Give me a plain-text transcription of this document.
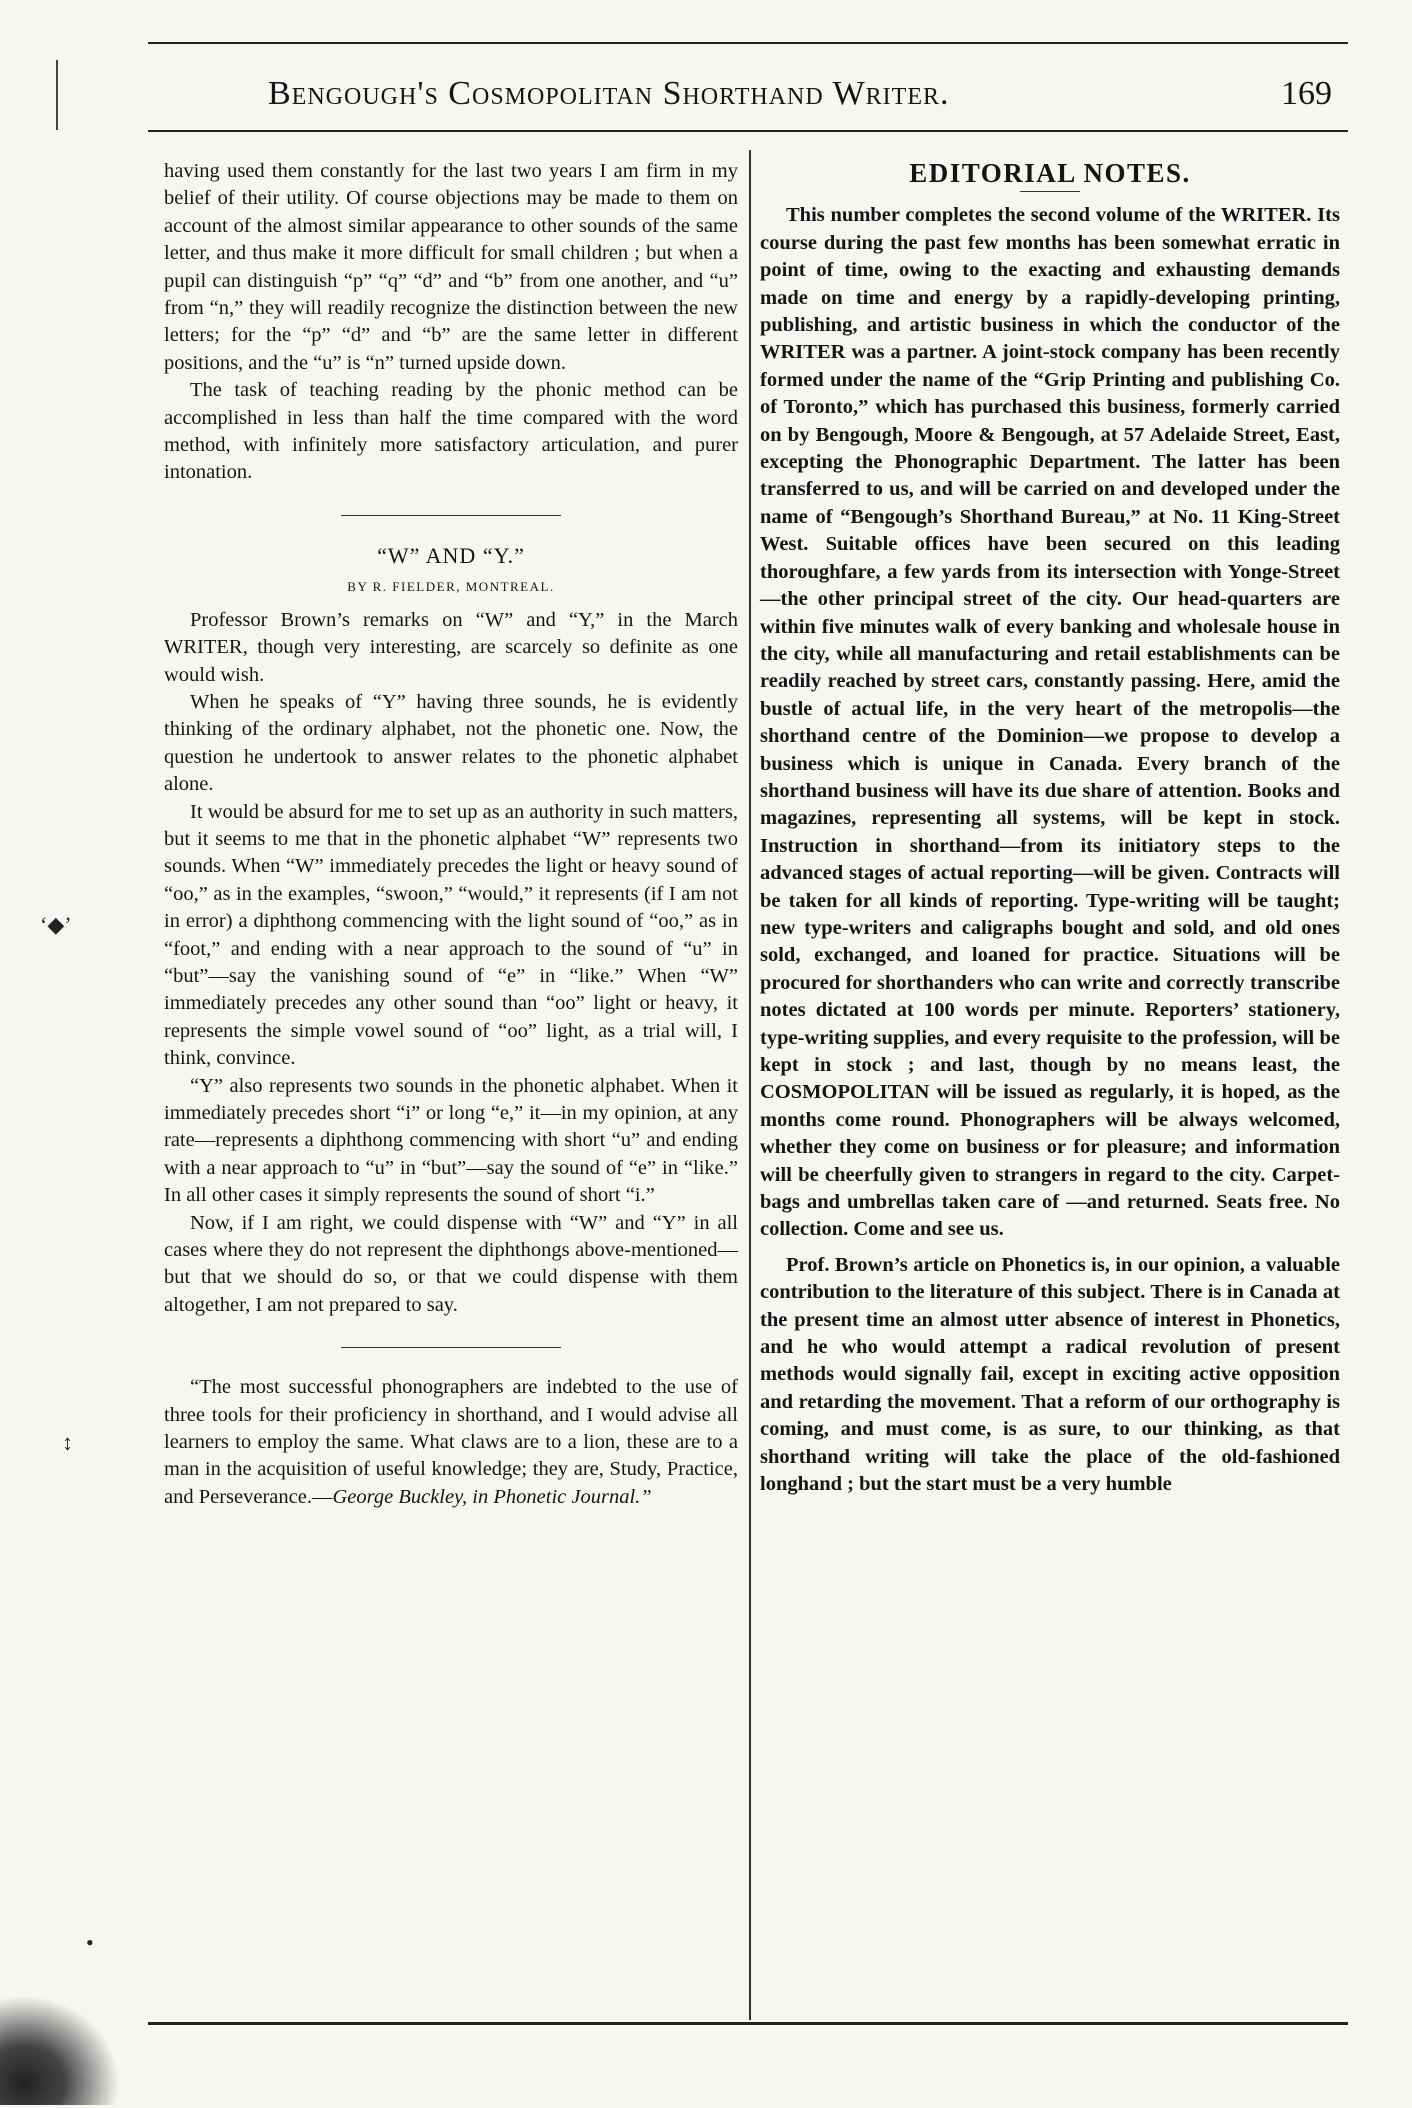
‘◆’
↕
•
Bengough's Cosmopolitan Shorthand Writer.	169

having used them constantly for the last two years I am firm in my belief of their utility. Of course objections may be made to them on account of the almost similar appearance to other sounds of the same letter, and thus make it more difficult for small children ; but when a pupil can distinguish “p” “q” “d” and “b” from one another, and “u” from “n,” they will readily recognize the distinction between the new letters; for the “p” “d” and “b” are the same letter in different positions, and the “u” is “n” turned upside down.

The task of teaching reading by the phonic method can be accomplished in less than half the time compared with the word method, with infinitely more satisfactory articulation, and purer intonation.

“W” AND “Y.”
BY R. FIELDER, MONTREAL.

Professor Brown’s remarks on “W” and “Y,” in the March WRITER, though very interesting, are scarcely so definite as one would wish.

When he speaks of “Y” having three sounds, he is evidently thinking of the ordinary alphabet, not the phonetic one. Now, the question he undertook to answer relates to the phonetic alphabet alone.

It would be absurd for me to set up as an authority in such matters, but it seems to me that in the phonetic alphabet “W” represents two sounds. When “W” immediately precedes the light or heavy sound of “oo,” as in the examples, “swoon,” “would,” it represents (if I am not in error) a diphthong commencing with the light sound of “oo,” as in “foot,” and ending with a near approach to the sound of “u” in “but”—say the vanishing sound of “e” in “like.” When “W” immediately precedes any other sound than “oo” light or heavy, it represents the simple vowel sound of “oo” light, as a trial will, I think, convince.

“Y” also represents two sounds in the phonetic alphabet. When it immediately precedes short “i” or long “e,” it—in my opinion, at any rate—represents a diphthong commencing with short “u” and ending with a near approach to “u” in “but”—say the sound of “e” in “like.” In all other cases it simply represents the sound of short “i.”

Now, if I am right, we could dispense with “W” and “Y” in all cases where they do not represent the diphthongs above-mentioned—but that we should do so, or that we could dispense with them altogether, I am not prepared to say.

“The most successful phonographers are indebted to the use of three tools for their proficiency in shorthand, and I would advise all learners to employ the same. What claws are to a lion, these are to a man in the acquisition of useful knowledge; they are, Study, Practice, and Perseverance.—George Buckley, in Phonetic Journal.”

EDITORIAL NOTES.

This number completes the second volume of the WRITER. Its course during the past few months has been somewhat erratic in point of time, owing to the exacting and exhausting demands made on time and energy by a rapidly-developing printing, publishing, and artistic business in which the conductor of the WRITER was a partner. A joint-stock company has been recently formed under the name of the “Grip Printing and publishing Co. of Toronto,” which has purchased this business, formerly carried on by Bengough, Moore & Bengough, at 57 Adelaide Street, East, excepting the Phonographic Department. The latter has been transferred to us, and will be carried on and developed under the name of “Bengough’s Shorthand Bureau,” at No. 11 King-Street West. Suitable offices have been secured on this leading thoroughfare, a few yards from its intersection with Yonge-Street—the other principal street of the city. Our head-quarters are within five minutes walk of every banking and wholesale house in the city, while all manufacturing and retail establishments can be readily reached by street cars, constantly passing. Here, amid the bustle of actual life, in the very heart of the metropolis—the shorthand centre of the Dominion—we propose to develop a business which is unique in Canada. Every branch of the shorthand business will have its due share of attention. Books and magazines, representing all systems, will be kept in stock. Instruction in shorthand—from its initiatory steps to the advanced stages of actual reporting—will be given. Contracts will be taken for all kinds of reporting. Type-writing will be taught; new type-writers and caligraphs bought and sold, and old ones sold, exchanged, and loaned for practice. Situations will be procured for shorthanders who can write and correctly transcribe notes dictated at 100 words per minute. Reporters’ stationery, type-writing supplies, and every requisite to the profession, will be kept in stock ; and last, though by no means least, the COSMOPOLITAN will be issued as regularly, it is hoped, as the months come round. Phonographers will be always welcomed, whether they come on business or for pleasure; and information will be cheerfully given to strangers in regard to the city. Carpet-bags and umbrellas taken care of —and returned. Seats free. No collection. Come and see us.

Prof. Brown’s article on Phonetics is, in our opinion, a valuable contribution to the literature of this subject. There is in Canada at the present time an almost utter absence of interest in Phonetics, and he who would attempt a radical revolution of present methods would signally fail, except in exciting active opposition and retarding the movement. That a reform of our orthography is coming, and must come, is as sure, to our thinking, as that shorthand writing will take the place of the old-fashioned longhand ; but the start must be a very humble
